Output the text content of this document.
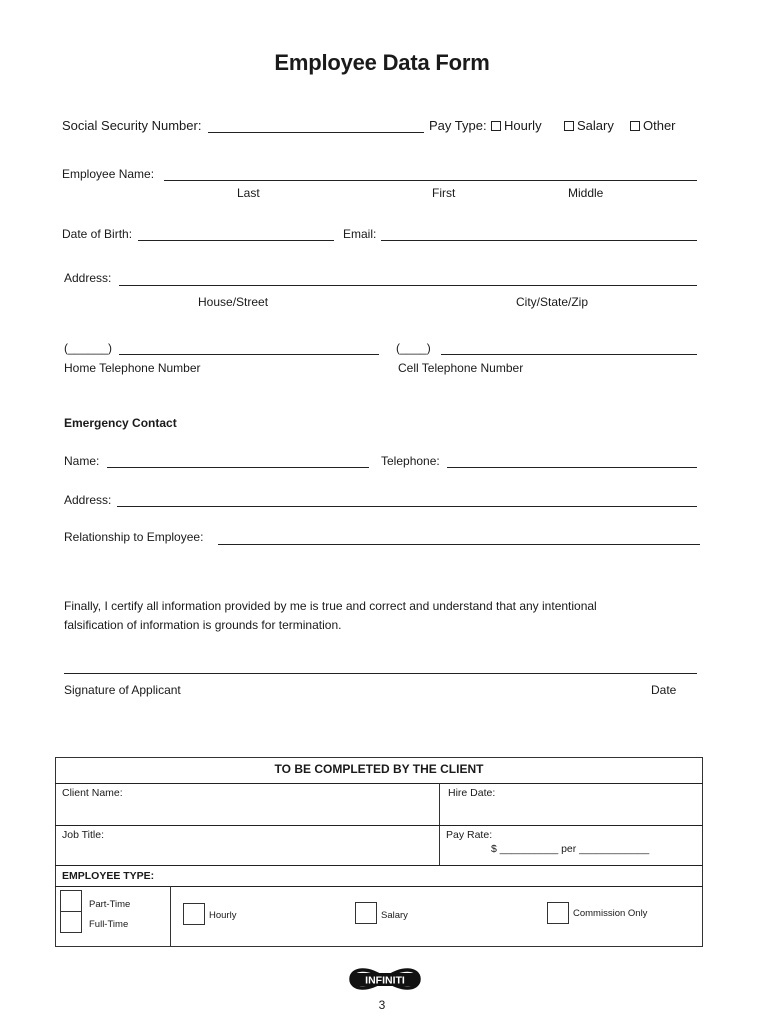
Employee Data Form
Social Security Number:	Pay Type:	Hourly	Salary	Other
Employee Name:
Last	First	Middle
Date of Birth:	Email:
Address:
House/Street	City/State/Zip
(______)	(____)
Home Telephone Number	Cell Telephone Number
Emergency Contact
Name:	Telephone:
Address:
Relationship to Employee:
Finally, I certify all information provided by me is true and correct and understand that any intentional
falsification of information is grounds for termination.
Signature of Applicant	Date
TO BE COMPLETED BY THE CLIENT
Client Name:	Hire Date:
Job Title:	Pay Rate:
$ __________ per ____________
EMPLOYEE TYPE:
Part-Time
Full-Time
Hourly	Salary	Commission Only
INFINITI
3
